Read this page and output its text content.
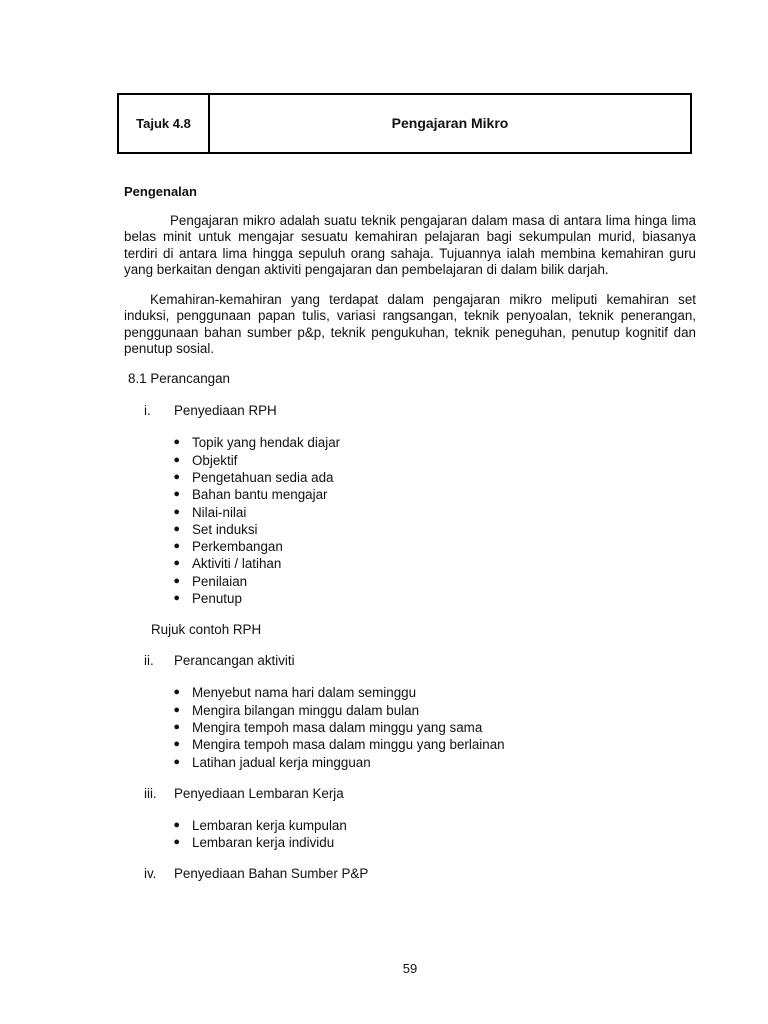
Tajuk 4.8	Pengajaran Mikro
Pengenalan

Pengajaran mikro adalah suatu teknik pengajaran dalam masa di antara lima hinga lima belas minit untuk mengajar sesuatu kemahiran pelajaran bagi sekumpulan murid, biasanya terdiri di antara lima hingga sepuluh orang sahaja. Tujuannya ialah membina kemahiran guru yang berkaitan dengan aktiviti pengajaran dan pembelajaran di dalam bilik darjah.

Kemahiran-kemahiran yang terdapat dalam pengajaran mikro meliputi kemahiran set induksi, penggunaan papan tulis, variasi rangsangan, teknik penyoalan, teknik penerangan, penggunaan bahan sumber p&p, teknik pengukuhan, teknik peneguhan, penutup kognitif dan penutup sosial.

8.1 Perancangan
i.	Penyediaan RPH
● Topik yang hendak diajar
● Objektif
● Pengetahuan sedia ada
● Bahan bantu mengajar
● Nilai-nilai
● Set induksi
● Perkembangan
● Aktiviti / latihan
● Penilaian
● Penutup
Rujuk contoh RPH
ii.	Perancangan aktiviti
● Menyebut nama hari dalam seminggu
● Mengira bilangan minggu dalam bulan
● Mengira tempoh masa dalam minggu yang sama
● Mengira tempoh masa dalam minggu yang berlainan
● Latihan jadual kerja mingguan
iii.	Penyediaan Lembaran Kerja
● Lembaran kerja kumpulan
● Lembaran kerja individu
iv.	Penyediaan Bahan Sumber P&P
59
